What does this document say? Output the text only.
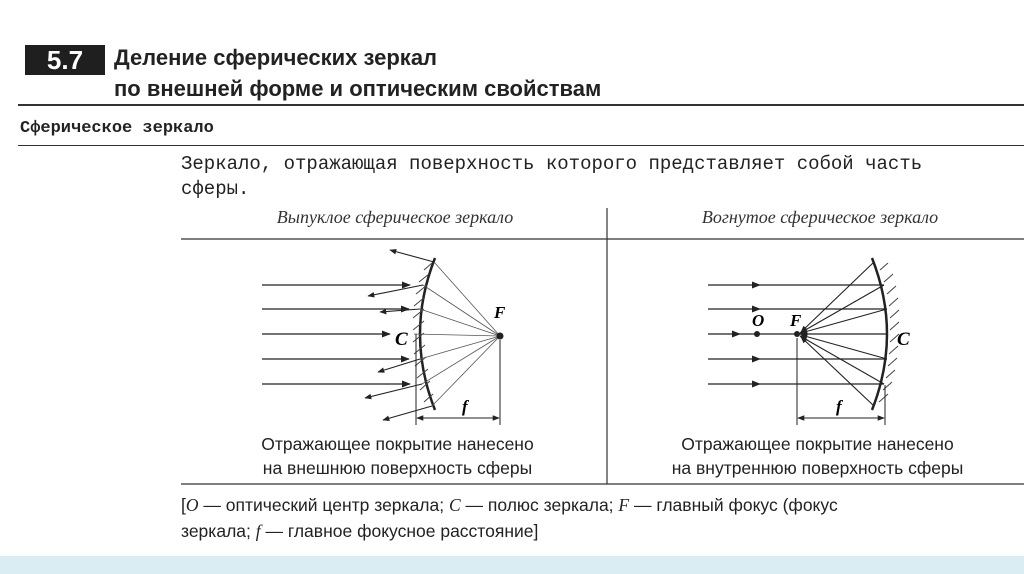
5.7	Деление сферических зеркал
по внешней форме и оптическим свойствам
Сферическое зеркало
Зеркало, отражающая поверхность которого представляет собой часть
сферы.
Выпуклое сферическое зеркало	Вогнутое сферическое зеркало
C
F
f
O F
C
f
Отражающее покрытие нанесено
на внешнюю поверхность сферы
Отражающее покрытие нанесено
на внутреннюю поверхность сферы
[O — оптический центр зеркала; C — полюс зеркала; F — главный фокус (фокус
зеркала; f — главное фокусное расстояние]
